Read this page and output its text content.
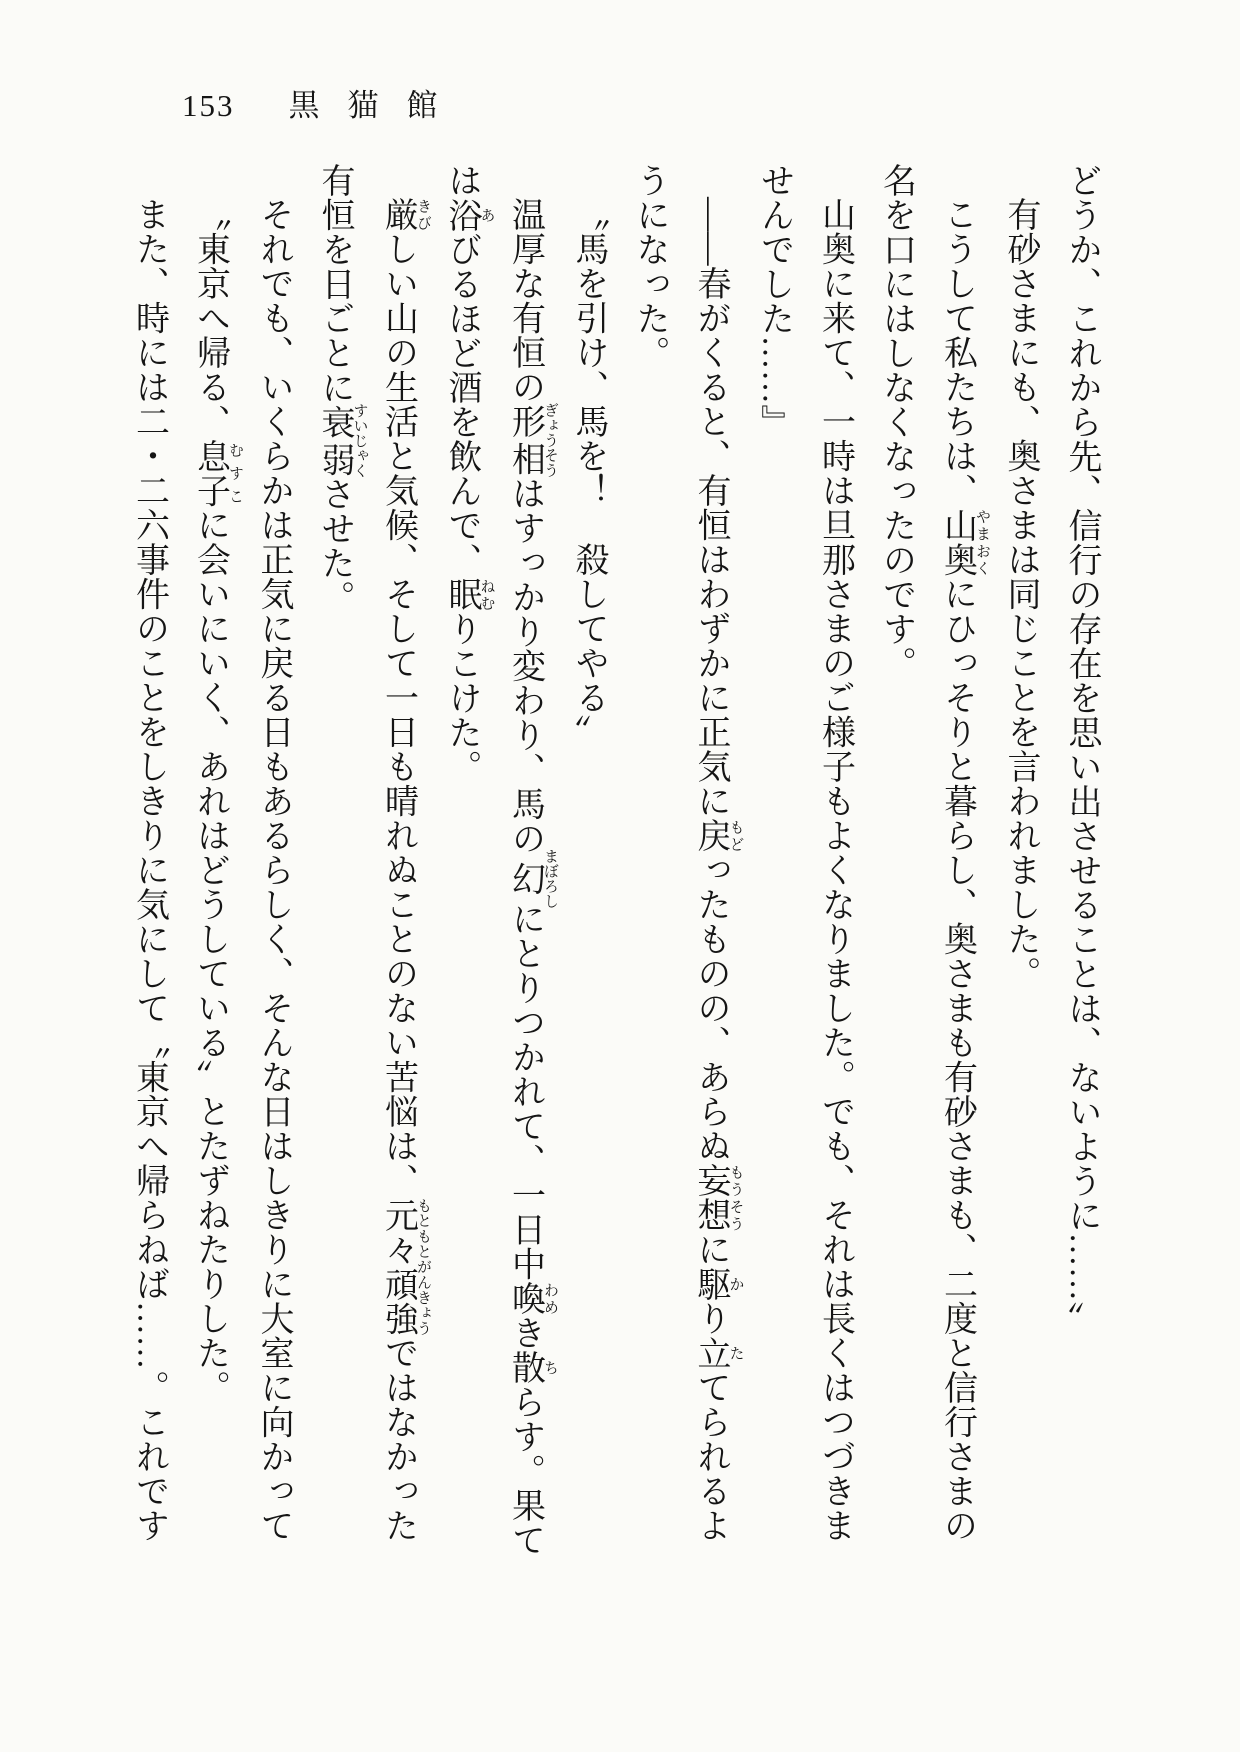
153 黒猫館
どうか、これから先、信行の存在を思い出させることは、ないように……〞
有砂さまにも、奥さまは同じことを言われました。
こうして私たちは、山奥やまおくにひっそりと暮らし、奥さまも有砂さまも、二度と信行さまの
名を口にはしなくなったのです。
山奥に来て、一時は旦那さまのご様子もよくなりました。でも、それは長くはつづきま
せんでした……』
――春がくると、有恒はわずかに正気に戻もどったものの、あらぬ妄想もうそうに駆かり立たてられるよ
うになった。
〝馬を引け、馬を！　殺してやる〞
温厚な有恒の形相ぎょうそうはすっかり変わり、馬の幻まぼろしにとりつかれて、一日中喚わめき散ちらす。果て
は浴あびるほど酒を飲んで、眠ねむりこけた。
厳きびしい山の生活と気候、そして一日も晴れぬことのない苦悩は、元々頑強もともとがんきょうではなかった
有恒を日ごとに衰弱すいじゃくさせた。
それでも、いくらかは正気に戻る日もあるらしく、そんな日はしきりに大室に向かって
〝東京へ帰る、息子むすこに会いにいく、あれはどうしている〞とたずねたりした。
また、時には二・二六事件のことをしきりに気にして〝東京へ帰らねば……。これです
